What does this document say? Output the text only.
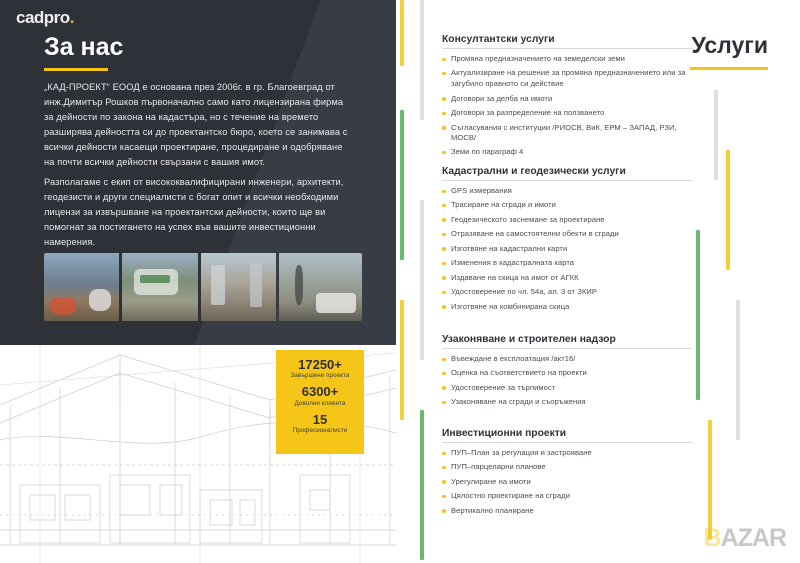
cadpro.
За нас
„КАД-ПРОЕКТ“ ЕООД е основана през 2006г. в гр. Благоевград от инж.Димитър Рошков първоначално само като лицензирана фирма за дейности по закона на кадастъра, но с течение на времето разширява дейността си до проектантско бюро, което се занимава с всички дейности касаещи проектиране, процедиране и одобряване на почти всички дейности свързани с вашия имот.
Разполагаме с екип от висококвалифицирани инженери, архитекти, геодезисти и други специалисти с богат опит и всички необходими лицензи за извършване на проектантски дейности, които ще ви помогнат за постигането на успех във вашите инвестиционни намерения.
17250+
Завършени проекта
6300+
Доволни клиента
15
Професионалисти
Услуги
Консултантски услуги
Промяна предназначението на земеделски земи
Актуализиране на решение за промяна предназначението или за загубило правното си действие
Договори за делба на имоти
Договори за разпределение на ползването
Съгласувания с институции /РИОСВ, ВиК, ЕРМ – ЗАПАД, РЗИ, МОСВ/
Земи по параграф 4
Кадастрални и геодезически услуги
GPS измервания
Трасиране на сгради и имоти
Геодезическото заснемане за проектиране
Отразяване на самостоятелни обекти в сгради
Изготвяне на кадастрални карти
Изменения в кадастралната карта
Издаване на скица на имот от АГКК
Удостоверение по чл. 54а, ал. 3 от ЗКИР
Изготвяне на комбинирана скица
Узаконяване и строителен надзор
Въвеждане в експлоатация /акт16/
Оценка на съответствието на проекти
Удостоверение за търпимост
Узаконяване на сгради и съоръжения
Инвестиционни проекти
ПУП–План за регулация и застрояване
ПУП–парцеларни планове
Урегулиране на имоти
Цялостно проектиране на сгради
Вертикално планиране
BAZAR
